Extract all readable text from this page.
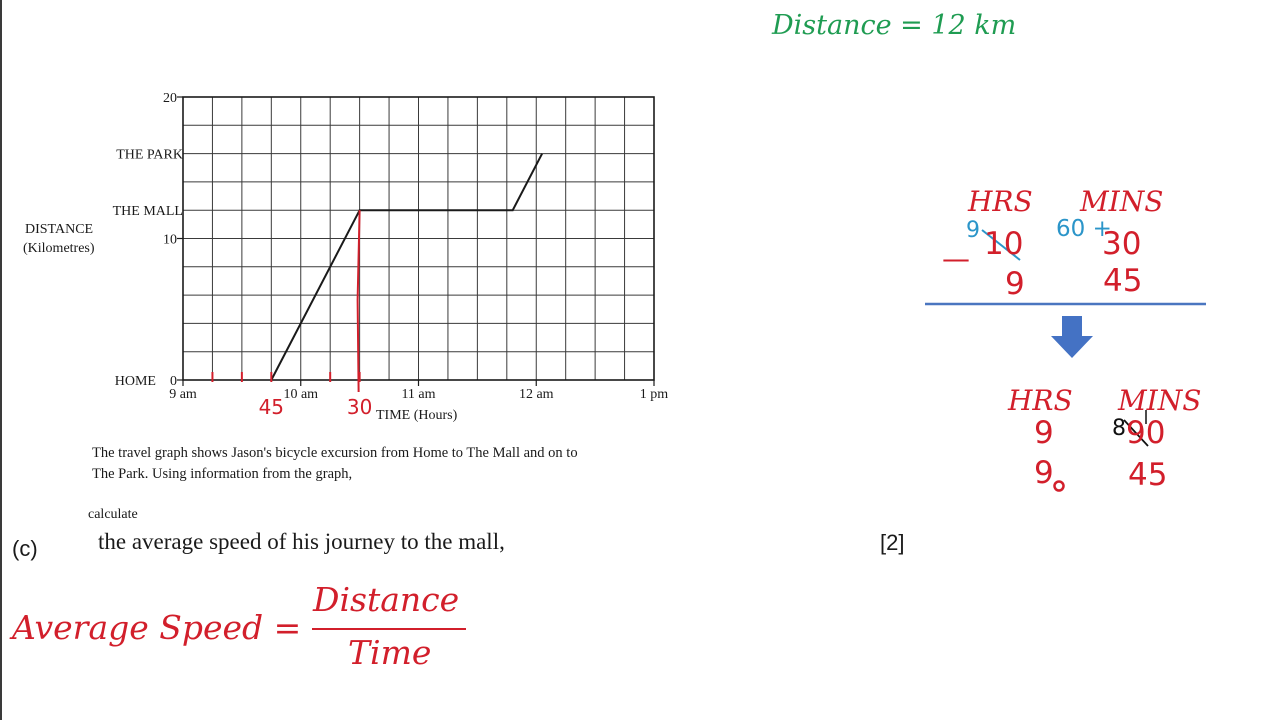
45	30
0
10
20
HOME
THE MALL
THE PARK
9 am	10 am	11 am	12 am	1 pm
DISTANCE
(Kilometres)
TIME (Hours)
The travel graph shows Jason's bicycle excursion from Home to The Mall and on to
The Park. Using information from the graph,
calculate
(c)	the average speed of his journey to the mall,	[2]
Distance = 12 km
Average Speed =
Distance
Time
HRS MINS
9	60 +
10	30
—
9	45
HRS MINS
9 90
8
9 45
